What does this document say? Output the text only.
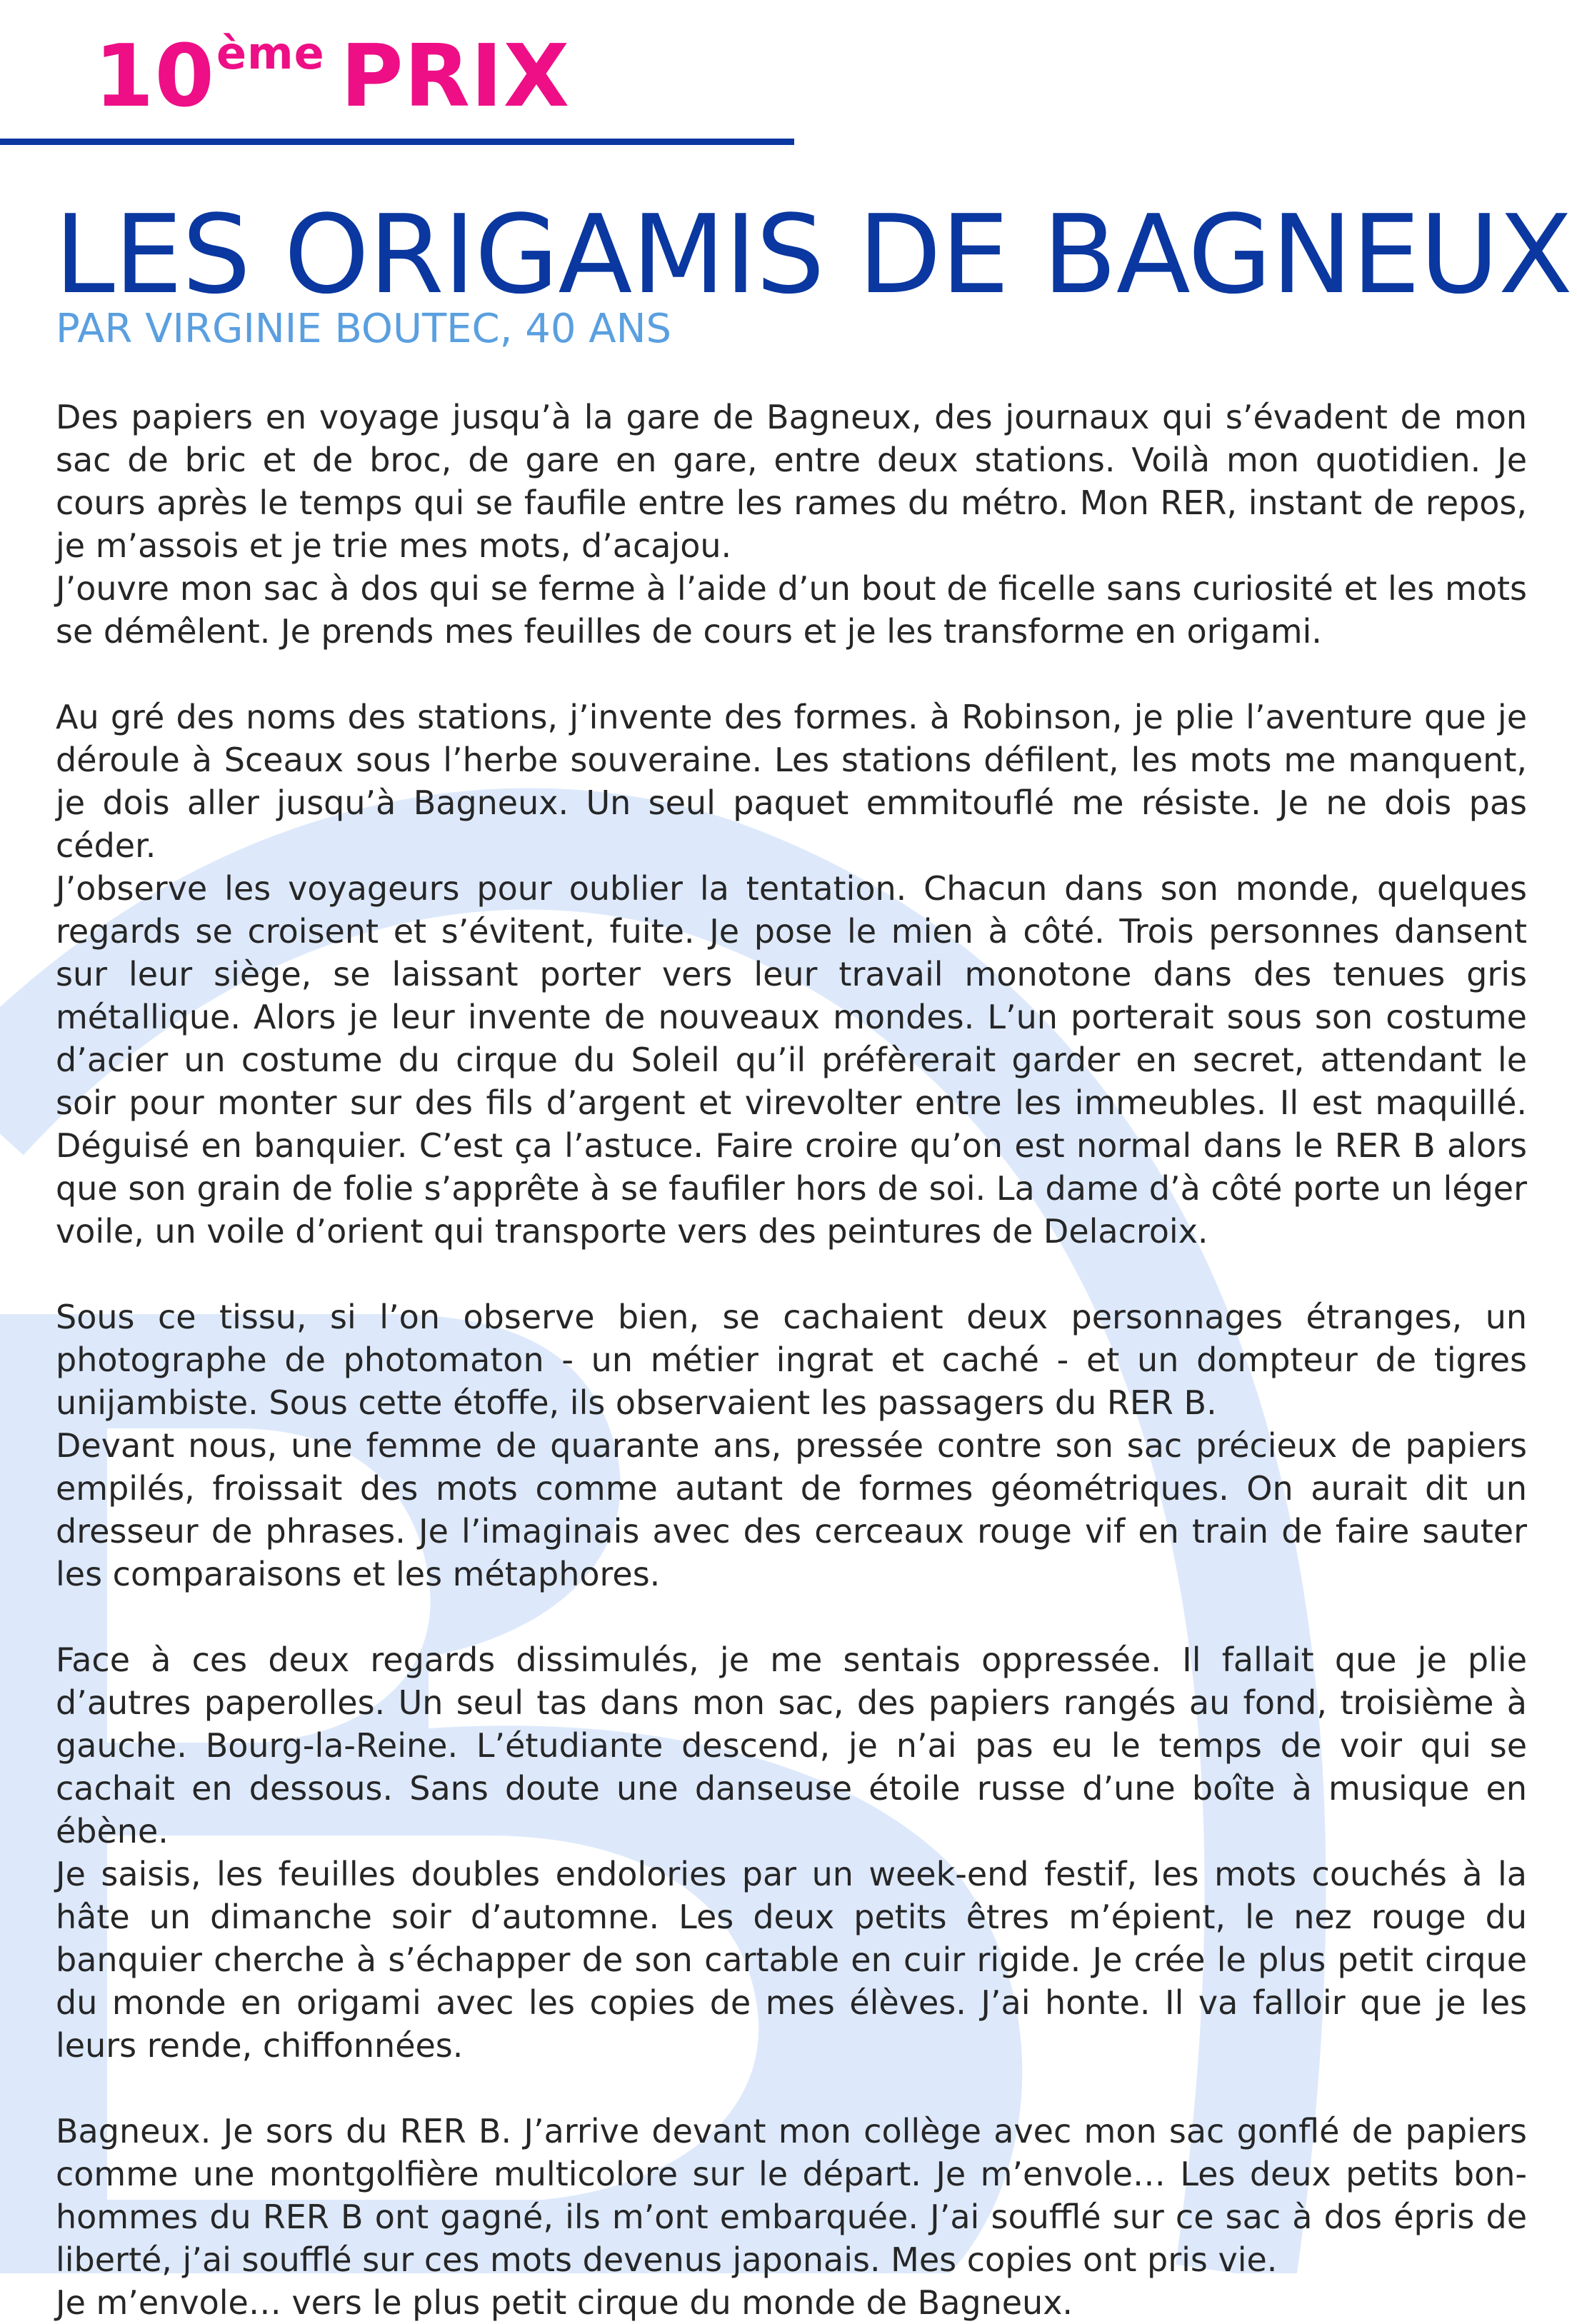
10ème PRIX
LES ORIGAMIS DE BAGNEUX
PAR VIRGINIE BOUTEC, 40 ANS

Des papiers en voyage jusqu’à la gare de Bagneux, des journaux qui s’évadent de mon sac de bric et de broc, de gare en gare, entre deux stations. Voilà mon quotidien. Je cours après le temps qui se faufile entre les rames du métro. Mon RER, instant de repos, je m’assois et je trie mes mots, d’acajou.

J’ouvre mon sac à dos qui se ferme à l’aide d’un bout de ficelle sans curiosité et les mots se démêlent. Je prends mes feuilles de cours et je les transforme en origami.

Au gré des noms des stations, j’invente des formes. à Robinson, je plie l’aventure que je déroule à Sceaux sous l’herbe souveraine. Les stations défilent, les mots me manquent, je dois aller jusqu’à Bagneux. Un seul paquet emmitouflé me résiste. Je ne dois pas céder.

J’observe les voyageurs pour oublier la tentation. Chacun dans son monde, quelques regards se croisent et s’évitent, fuite. Je pose le mien à côté. Trois personnes dansent sur leur siège, se laissant porter vers leur travail monotone dans des tenues gris métallique. Alors je leur invente de nouveaux mondes. L’un porterait sous son costume d’acier un costume du cirque du Soleil qu’il préfèrerait garder en secret, attendant le soir pour monter sur des fils d’argent et virevolter entre les immeubles. Il est maquillé. Déguisé en banquier. C’est ça l’astuce. Faire croire qu’on est normal dans le RER B alors que son grain de folie s’apprête à se faufiler hors de soi. La dame d’à côté porte un léger voile, un voile d’orient qui transporte vers des peintures de Delacroix.

Sous ce tissu, si l’on observe bien, se cachaient deux personnages étranges, un photographe de photomaton - un métier ingrat et caché - et un dompteur de tigres unijambiste. Sous cette étoffe, ils observaient les passagers du RER B.

Devant nous, une femme de quarante ans, pressée contre son sac précieux de papiers empilés, froissait des mots comme autant de formes géométriques. On aurait dit un dresseur de phrases. Je l’imaginais avec des cerceaux rouge vif en train de faire sauter les comparaisons et les métaphores.

Face à ces deux regards dissimulés, je me sentais oppressée. Il fallait que je plie d’autres paperolles. Un seul tas dans mon sac, des papiers rangés au fond, troisième à gauche. Bourg-la-Reine. L’étudiante descend, je n’ai pas eu le temps de voir qui se cachait en dessous. Sans doute une danseuse étoile russe d’une boîte à musique en ébène.

Je saisis, les feuilles doubles endolories par un week-end festif, les mots couchés à la hâte un dimanche soir d’automne. Les deux petits êtres m’épient, le nez rouge du banquier cherche à s’échapper de son cartable en cuir rigide. Je crée le plus petit cirque du monde en origami avec les copies de mes élèves. J’ai honte. Il va falloir que je les leurs rende, chiffonnées.

Bagneux. Je sors du RER B. J’arrive devant mon collège avec mon sac gonflé de papiers comme une montgolfière multicolore sur le départ. Je m’envole… Les deux petits bonhommes du RER B ont gagné, ils m’ont embarquée. J’ai soufflé sur ce sac à dos épris de liberté, j’ai soufflé sur ces mots devenus japonais. Mes copies ont pris vie.

Je m’envole… vers le plus petit cirque du monde de Bagneux.
